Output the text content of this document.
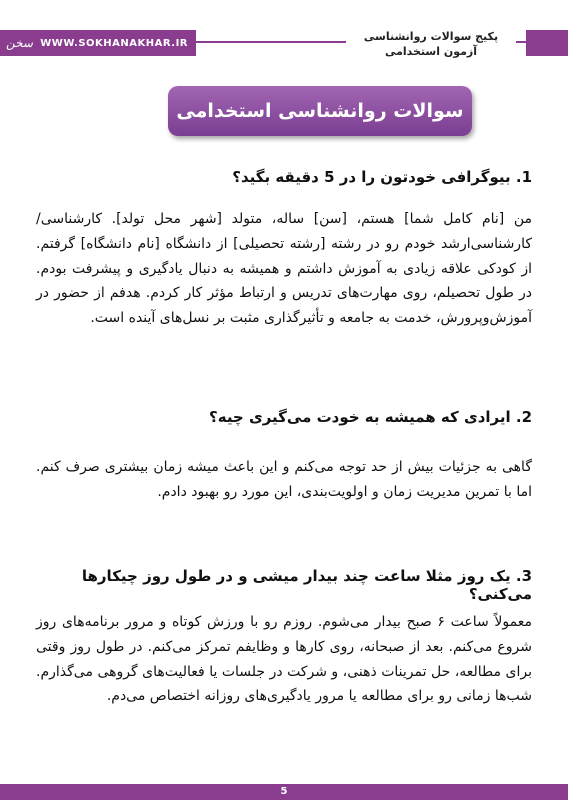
سخن WWW.SOKHANAKHAR.IR	پکیج سوالات روانشناسی
آزمون استخدامی
سوالات روانشناسی استخدامی
1. بیوگرافی خودتون را در 5 دقیقه بگید؟
من [نام کامل شما] هستم، [سن] ساله، متولد [شهر محل تولد]. کارشناسی/کارشناسی‌ارشد خودم رو در رشته [رشته تحصیلی] از دانشگاه [نام دانشگاه] گرفتم. از کودکی علاقه زیادی به آموزش داشتم و همیشه به دنبال یادگیری و پیشرفت بودم. در طول تحصیلم، روی مهارت‌های تدریس و ارتباط مؤثر کار کردم. هدفم از حضور در آموزش‌وپرورش، خدمت به جامعه و تأثیرگذاری مثبت بر نسل‌های آینده است.
2. ایرادی که همیشه به خودت می‌گیری چیه؟
گاهی به جزئیات بیش از حد توجه می‌کنم و این باعث میشه زمان بیشتری صرف کنم. اما با تمرین مدیریت زمان و اولویت‌بندی، این مورد رو بهبود دادم.
3. یک روز مثلا ساعت چند بیدار میشی و در طول روز چیکارها می‌کنی؟
معمولاً ساعت ۶ صبح بیدار می‌شوم. روزم رو با ورزش کوتاه و مرور برنامه‌های روز شروع می‌کنم. بعد از صبحانه، روی کارها و وظایفم تمرکز می‌کنم. در طول روز وقتی برای مطالعه، حل تمرینات ذهنی، و شرکت در جلسات یا فعالیت‌های گروهی می‌گذارم. شب‌ها زمانی رو برای مطالعه یا مرور یادگیری‌های روزانه اختصاص می‌دم.
5
